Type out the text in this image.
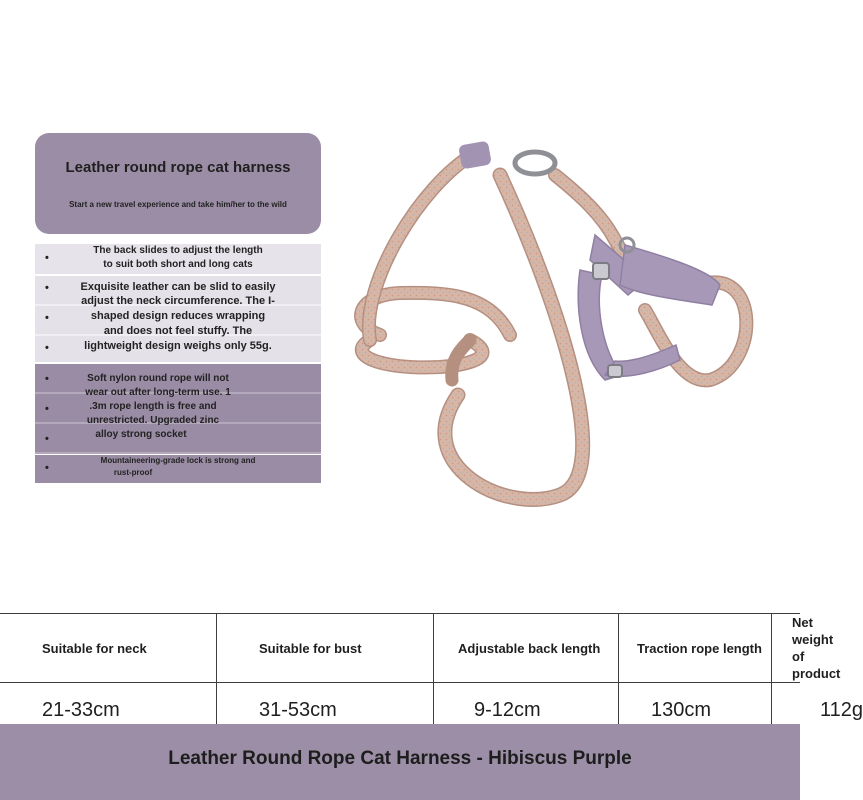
Leather round rope cat harness
Start a new travel experience and take him/her to the wild
•
The back slides to adjust the length
to suit both short and long cats
•
•
•
Exquisite leather can be slid to easily
adjust the neck circumference. The I-
shaped design reduces wrapping
and does not feel stuffy. The
lightweight design weighs only 55g.
•
•
•
Soft nylon round rope will not
wear out after long-term use. 1
.3m rope length is free and
unrestricted. Upgraded zinc
alloy strong socket
•
Mountaineering-grade lock is strong and
rust-proof
Suitable for neck	Suitable for bust	Adjustable back length	Traction rope length	Net weight of product
21-33cm	31-53cm	9-12cm	130cm	112g
Leather Round Rope Cat Harness - Hibiscus Purple
